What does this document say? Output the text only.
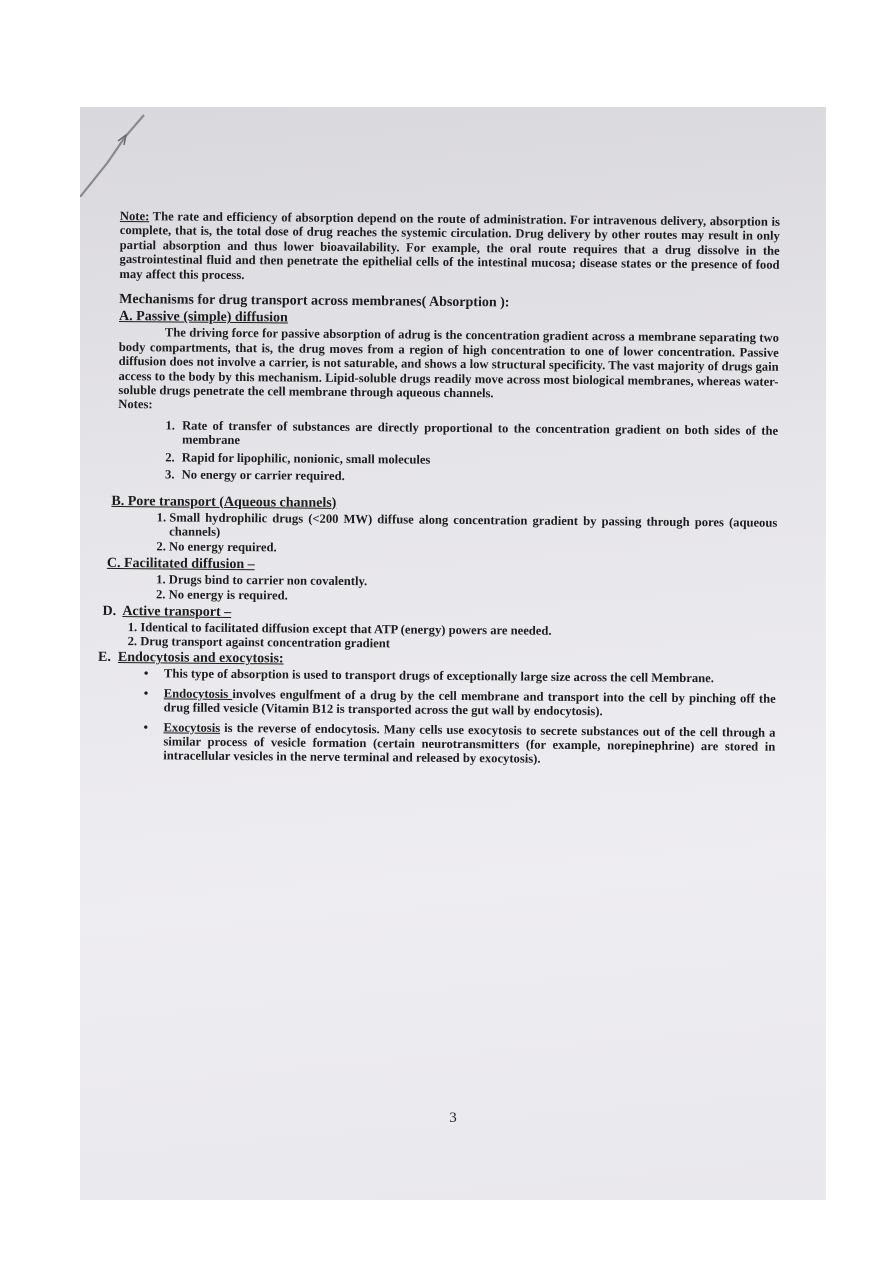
Note: The rate and efficiency of absorption depend on the route of administration. For intravenous delivery, absorption is complete, that is, the total dose of drug reaches the systemic circulation. Drug delivery by other routes may result in only partial absorption and thus lower bioavailability. For example, the oral route requires that a drug dissolve in the gastrointestinal fluid and then penetrate the epithelial cells of the intestinal mucosa; disease states or the presence of food may affect this process.

Mechanisms for drug transport across membranes( Absorption ):
A. Passive (simple) diffusion

The driving force for passive absorption of adrug is the concentration gradient across a membrane separating two body compartments, that is, the drug moves from a region of high concentration to one of lower concentration. Passive diffusion does not involve a carrier, is not saturable, and shows a low structural specificity. The vast majority of drugs gain access to the body by this mechanism. Lipid-soluble drugs readily move across most biological membranes, whereas water-soluble drugs penetrate the cell membrane through aqueous channels.

Notes:
1. Rate of transfer of substances are directly proportional to the concentration gradient on both sides of the membrane
2. Rapid for lipophilic, nonionic, small molecules
3. No energy or carrier required.
B. Pore transport (Aqueous channels)
1. Small hydrophilic drugs (<200 MW) diffuse along concentration gradient by passing through pores (aqueous channels)
2. No energy required.
C. Facilitated diffusion –
1. Drugs bind to carrier non covalently.
2. No energy is required.
D. Active transport –
1. Identical to facilitated diffusion except that ATP (energy) powers are needed.
2. Drug transport against concentration gradient
E. Endocytosis and exocytosis:
• This type of absorption is used to transport drugs of exceptionally large size across the cell Membrane.
• Endocytosis involves engulfment of a drug by the cell membrane and transport into the cell by pinching off the drug filled vesicle (Vitamin B12 is transported across the gut wall by endocytosis).
• Exocytosis is the reverse of endocytosis. Many cells use exocytosis to secrete substances out of the cell through a similar process of vesicle formation (certain neurotransmitters (for example, norepinephrine) are stored in intracellular vesicles in the nerve terminal and released by exocytosis).
3
